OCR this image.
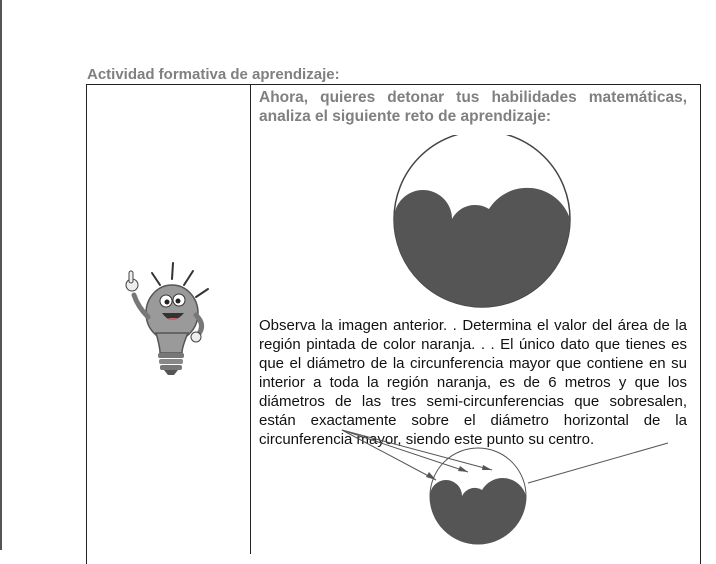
Actividad formativa de aprendizaje:
Ahora, quieres detonar tus habilidades matemáticas, analiza el siguiente reto de aprendizaje:
Observa la imagen anterior. . Determina el valor del área de la región pintada de color naranja. . . El único dato que tienes es que el diámetro de la circunferencia mayor que contiene en su interior a toda la región naranja, es de 6 metros y que los diámetros de las tres semi-circunferencias que sobresalen, están exactamente sobre el diámetro horizontal de la circunferencia mayor, siendo este punto su centro.
